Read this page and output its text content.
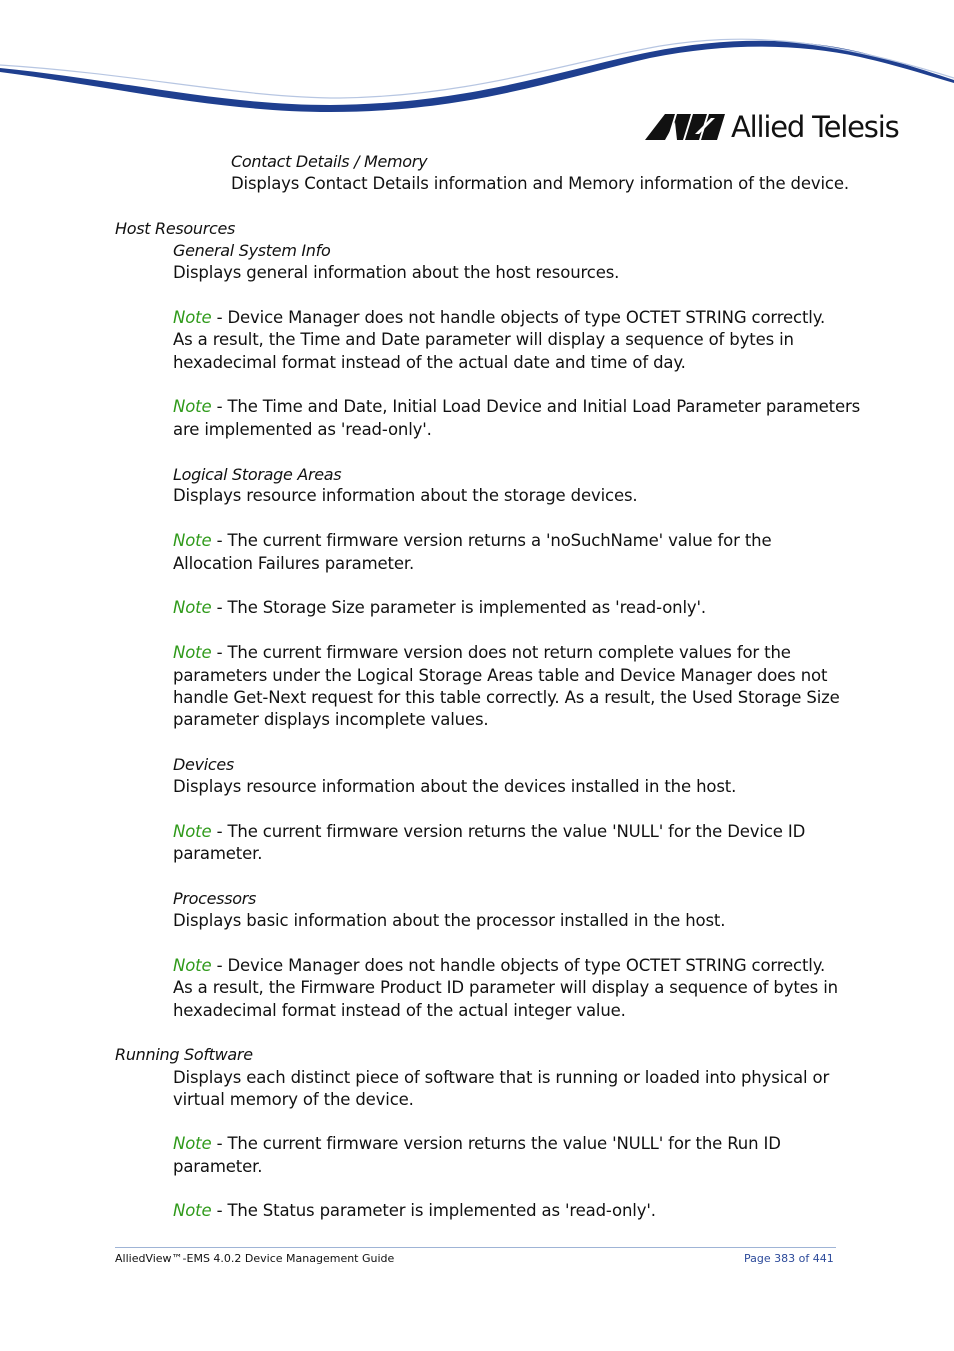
Allied Telesis
Contact Details / Memory
Displays Contact Details information and Memory information of the device.
Host Resources
General System Info
Displays general information about the host resources.
Note - Device Manager does not handle objects of type OCTET STRING correctly.
As a result, the Time and Date parameter will display a sequence of bytes in
hexadecimal format instead of the actual date and time of day.
Note - The Time and Date, Initial Load Device and Initial Load Parameter parameters
are implemented as 'read-only'.
Logical Storage Areas
Displays resource information about the storage devices.
Note - The current firmware version returns a 'noSuchName' value for the
Allocation Failures parameter.
Note - The Storage Size parameter is implemented as 'read-only'.
Note - The current firmware version does not return complete values for the
parameters under the Logical Storage Areas table and Device Manager does not
handle Get-Next request for this table correctly. As a result, the Used Storage Size
parameter displays incomplete values.
Devices
Displays resource information about the devices installed in the host.
Note - The current firmware version returns the value 'NULL' for the Device ID
parameter.
Processors
Displays basic information about the processor installed in the host.
Note - Device Manager does not handle objects of type OCTET STRING correctly.
As a result, the Firmware Product ID parameter will display a sequence of bytes in
hexadecimal format instead of the actual integer value.
Running Software
Displays each distinct piece of software that is running or loaded into physical or
virtual memory of the device.
Note - The current firmware version returns the value 'NULL' for the Run ID
parameter.
Note - The Status parameter is implemented as 'read-only'.
AlliedView™-EMS 4.0.2 Device Management Guide	Page 383 of 441
